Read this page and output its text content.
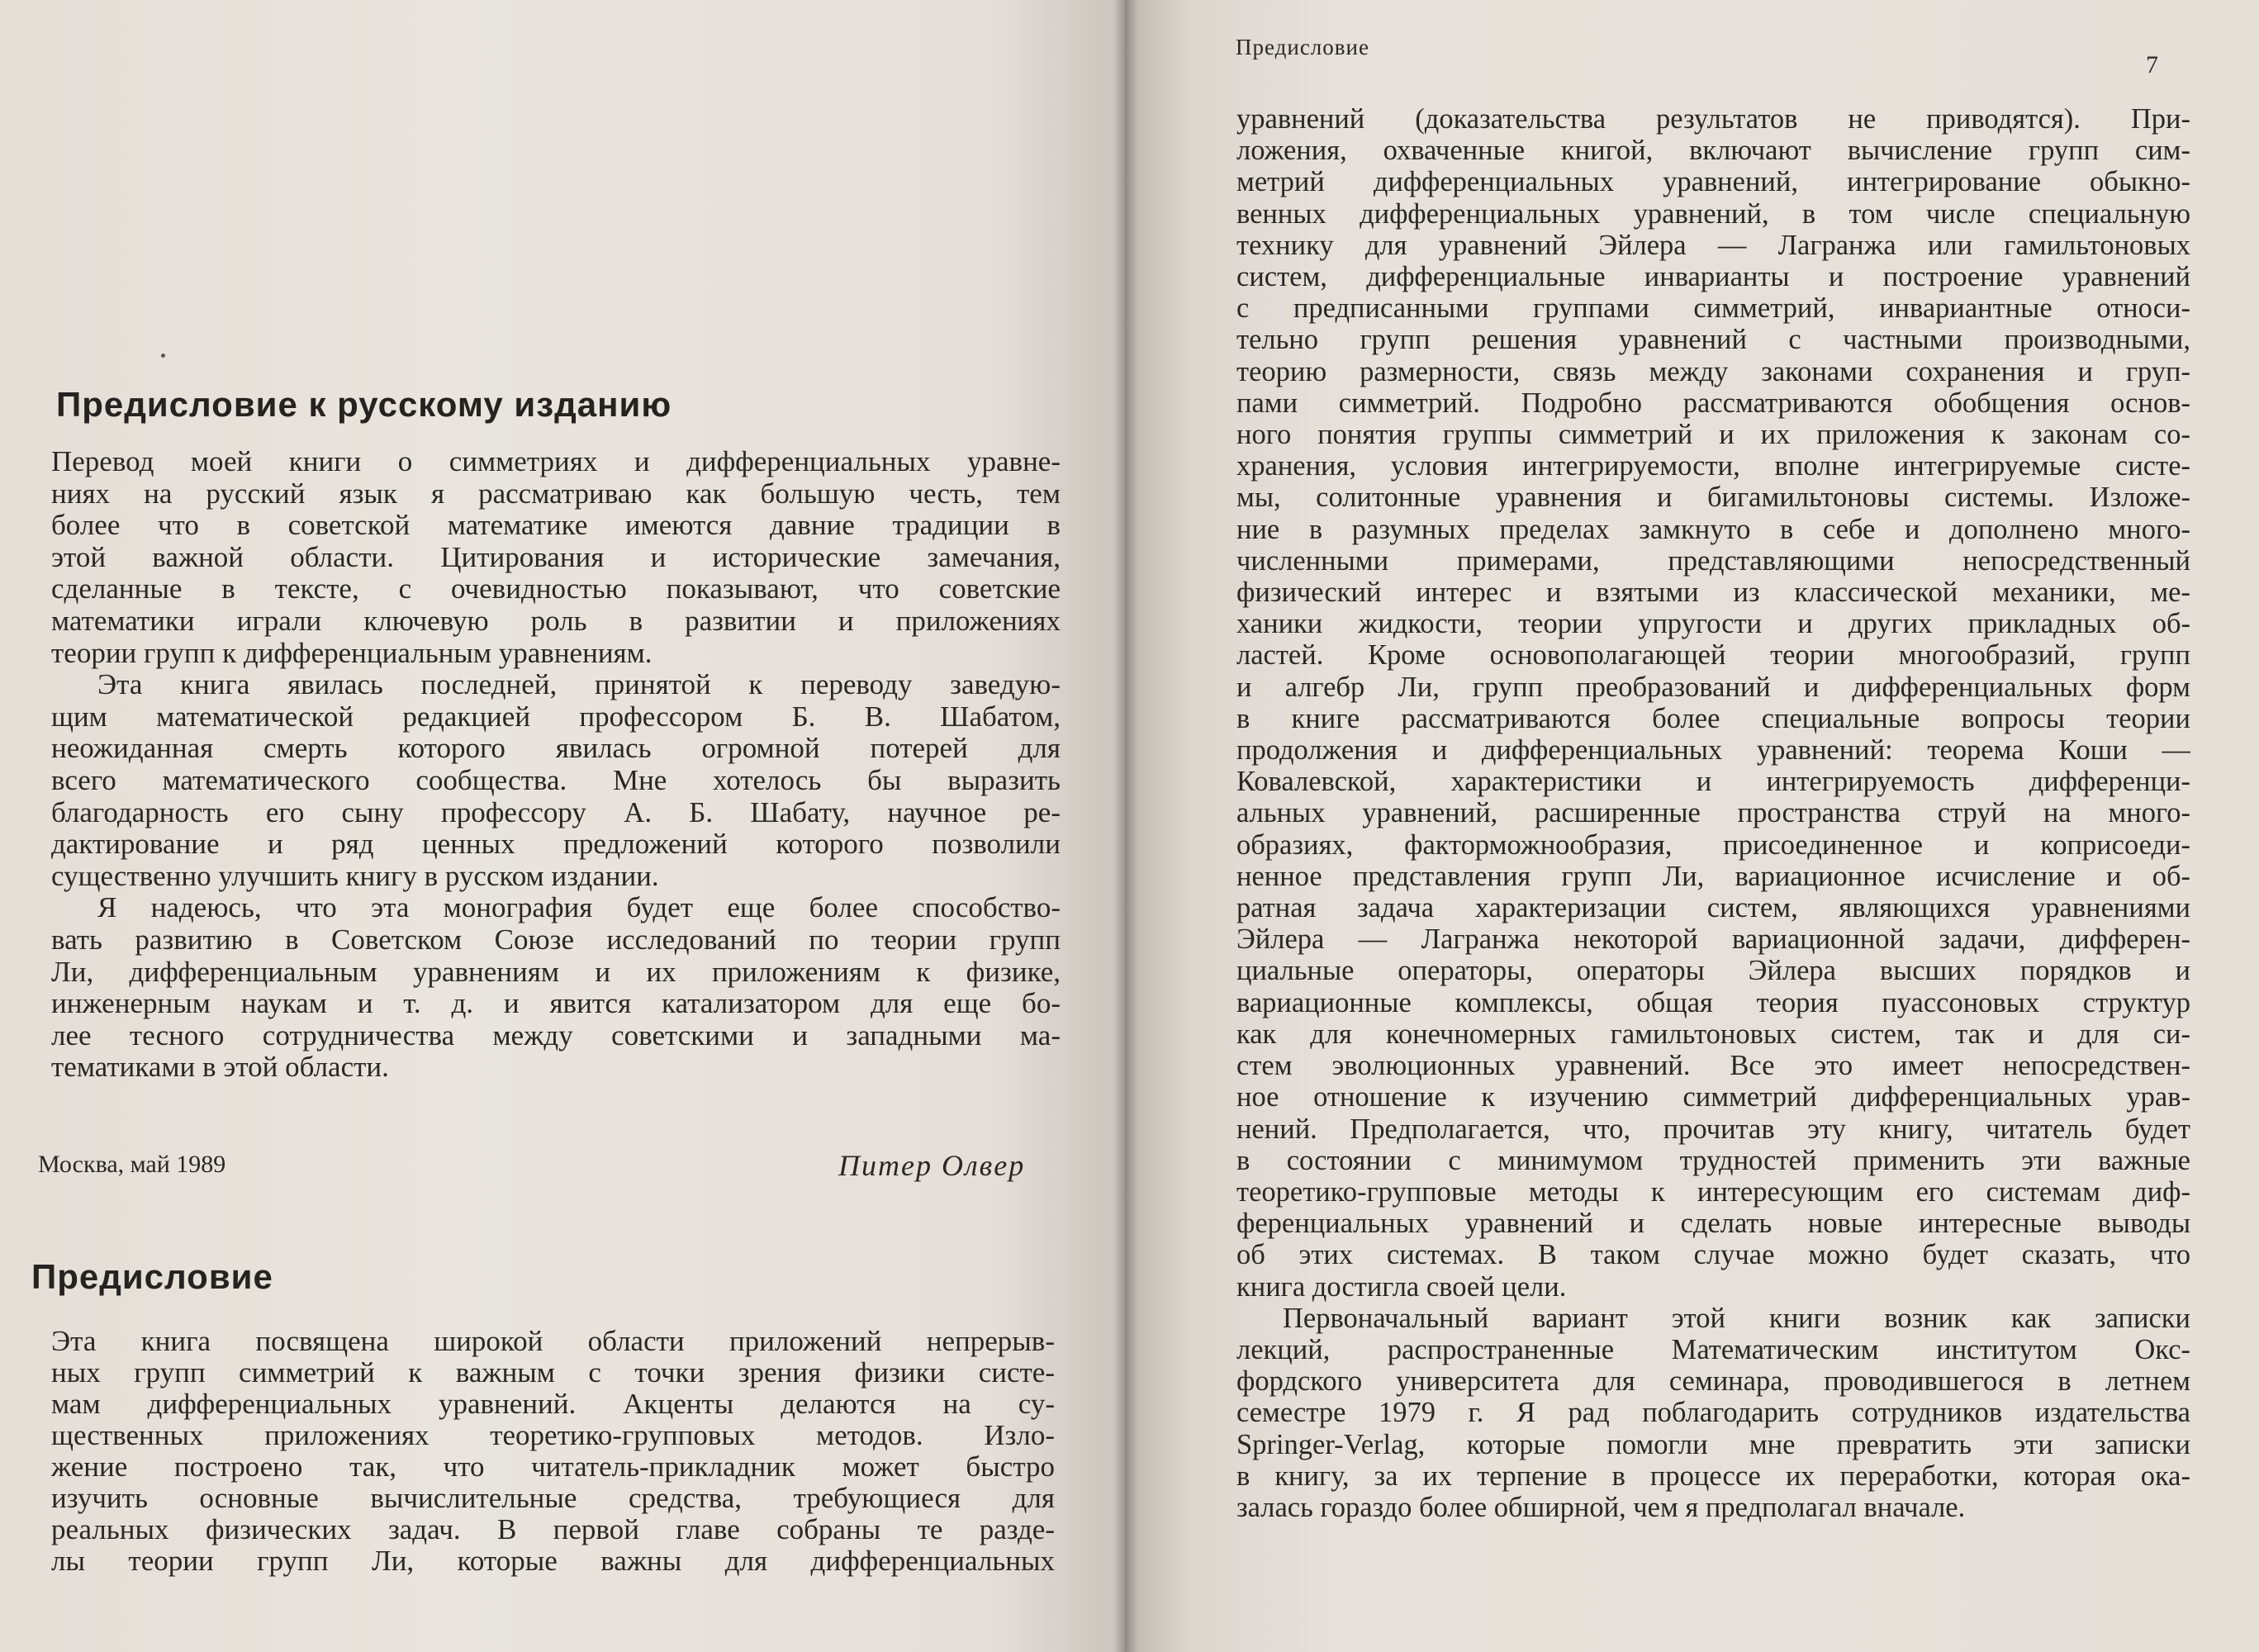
Предисловие к русскому изданию
Перевод моей книги о симметриях и дифференциальных уравне-
ниях на русский язык я рассматриваю как большую честь, тем
более что в советской математике имеются давние традиции в
этой важной области. Цитирования и исторические замечания,
сделанные в тексте, с очевидностью показывают, что советские
математики играли ключевую роль в развитии и приложениях
теории групп к дифференциальным уравнениям.
Эта книга явилась последней, принятой к переводу заведую-
щим математической редакцией профессором Б. В. Шабатом,
неожиданная смерть которого явилась огромной потерей для
всего математического сообщества. Мне хотелось бы выразить
благодарность его сыну профессору А. Б. Шабату, научное ре-
дактирование и ряд ценных предложений которого позволили
существенно улучшить книгу в русском издании.
Я надеюсь, что эта монография будет еще более способство-
вать развитию в Советском Союзе исследований по теории групп
Ли, дифференциальным уравнениям и их приложениям к физике,
инженерным наукам и т. д. и явится катализатором для еще бо-
лее тесного сотрудничества между советскими и западными ма-
тематиками в этой области.
Москва, май 1989	Питер Олвер
Предисловие
Эта книга посвящена широкой области приложений непрерыв-
ных групп симметрий к важным с точки зрения физики систе-
мам дифференциальных уравнений. Акценты делаются на су-
щественных приложениях теоретико-групповых методов. Изло-
жение построено так, что читатель-прикладник может быстро
изучить основные вычислительные средства, требующиеся для
реальных физических задач. В первой главе собраны те разде-
лы теории групп Ли, которые важны для дифференциальных
Предисловие
7
уравнений (доказательства результатов не приводятся). При-
ложения, охваченные книгой, включают вычисление групп сим-
метрий дифференциальных уравнений, интегрирование обыкно-
венных дифференциальных уравнений, в том числе специальную
технику для уравнений Эйлера — Лагранжа или гамильтоновых
систем, дифференциальные инварианты и построение уравнений
с предписанными группами симметрий, инвариантные относи-
тельно групп решения уравнений с частными производными,
теорию размерности, связь между законами сохранения и груп-
пами симметрий. Подробно рассматриваются обобщения основ-
ного понятия группы симметрий и их приложения к законам со-
хранения, условия интегрируемости, вполне интегрируемые систе-
мы, солитонные уравнения и бигамильтоновы системы. Изложе-
ние в разумных пределах замкнуто в себе и дополнено много-
численными примерами, представляющими непосредственный
физический интерес и взятыми из классической механики, ме-
ханики жидкости, теории упругости и других прикладных об-
ластей. Кроме основополагающей теории многообразий, групп
и алгебр Ли, групп преобразований и дифференциальных форм
в книге рассматриваются более специальные вопросы теории
продолжения и дифференциальных уравнений: теорема Коши —
Ковалевской, характеристики и интегрируемость дифференци-
альных уравнений, расширенные пространства струй на много-
образиях, факторможнообразия, присоединенное и коприсоеди-
ненное представления групп Ли, вариационное исчисление и об-
ратная задача характеризации систем, являющихся уравнениями
Эйлера — Лагранжа некоторой вариационной задачи, дифферен-
циальные операторы, операторы Эйлера высших порядков и
вариационные комплексы, общая теория пуассоновых структур
как для конечномерных гамильтоновых систем, так и для си-
стем эволюционных уравнений. Все это имеет непосредствен-
ное отношение к изучению симметрий дифференциальных урав-
нений. Предполагается, что, прочитав эту книгу, читатель будет
в состоянии с минимумом трудностей применить эти важные
теоретико-групповые методы к интересующим его системам диф-
ференциальных уравнений и сделать новые интересные выводы
об этих системах. В таком случае можно будет сказать, что
книга достигла своей цели.
Первоначальный вариант этой книги возник как записки
лекций, распространенные Математическим институтом Окс-
фордского университета для семинара, проводившегося в летнем
семестре 1979 г. Я рад поблагодарить сотрудников издательства
Springer-Verlag, которые помогли мне превратить эти записки
в книгу, за их терпение в процессе их переработки, которая ока-
залась гораздо более обширной, чем я предполагал вначале.
